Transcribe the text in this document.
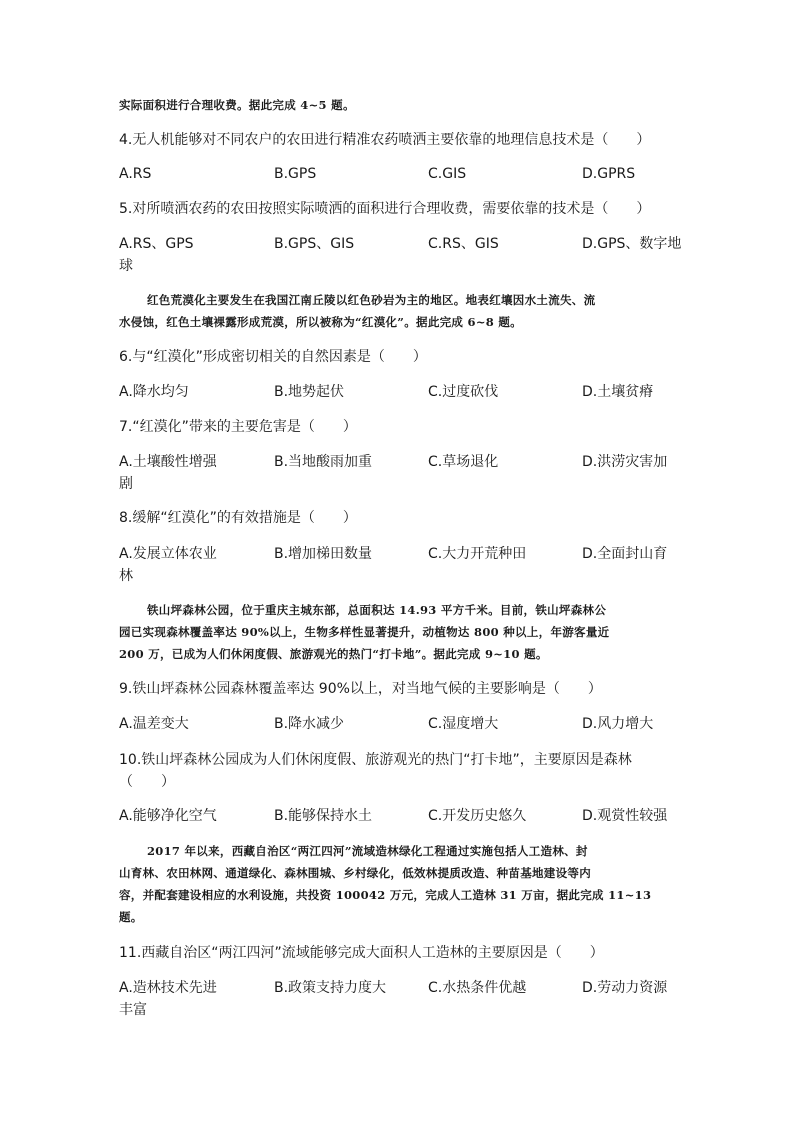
实际面积进行合理收费。据此完成 4~5 题。
4.无人机能够对不同农户的农田进行精准农药喷洒主要依靠的地理信息技术是（　　）
A.RS	B.GPS	C.GIS	D.GPRS
5.对所喷洒农药的农田按照实际喷洒的面积进行合理收费，需要依靠的技术是（　　）
A.RS、GPS	B.GPS、GIS	C.RS、GIS	D.GPS、数字地
球
红色荒漠化主要发生在我国江南丘陵以红色砂岩为主的地区。地表红壤因水土流失、流
水侵蚀，红色土壤裸露形成荒漠，所以被称为“红漠化”。据此完成 6~8 题。
6.与“红漠化”形成密切相关的自然因素是（　　）
A.降水均匀	B.地势起伏	C.过度砍伐	D.土壤贫瘠
7.“红漠化”带来的主要危害是（　　）
A.土壤酸性增强	B.当地酸雨加重	C.草场退化	D.洪涝灾害加
剧
8.缓解“红漠化”的有效措施是（　　）
A.发展立体农业	B.增加梯田数量	C.大力开荒种田	D.全面封山育
林
铁山坪森林公园，位于重庆主城东部，总面积达 14.93 平方千米。目前，铁山坪森林公
园已实现森林覆盖率达 90%以上，生物多样性显著提升，动植物达 800 种以上，年游客量近
200 万，已成为人们休闲度假、旅游观光的热门“打卡地”。据此完成 9~10 题。
9.铁山坪森林公园森林覆盖率达 90%以上，对当地气候的主要影响是（　　）
A.温差变大	B.降水减少	C.湿度增大	D.风力增大
10.铁山坪森林公园成为人们休闲度假、旅游观光的热门“打卡地”，主要原因是森林
（　　）
A.能够净化空气	B.能够保持水土	C.开发历史悠久	D.观赏性较强
2017 年以来，西藏自治区“两江四河”流域造林绿化工程通过实施包括人工造林、封
山育林、农田林网、通道绿化、森林围城、乡村绿化，低效林提质改造、种苗基地建设等内
容，并配套建设相应的水利设施，共投资 100042 万元，完成人工造林 31 万亩，据此完成 11~13
题。
11.西藏自治区“两江四河”流域能够完成大面积人工造林的主要原因是（　　）
A.造林技术先进	B.政策支持力度大	C.水热条件优越	D.劳动力资源
丰富
